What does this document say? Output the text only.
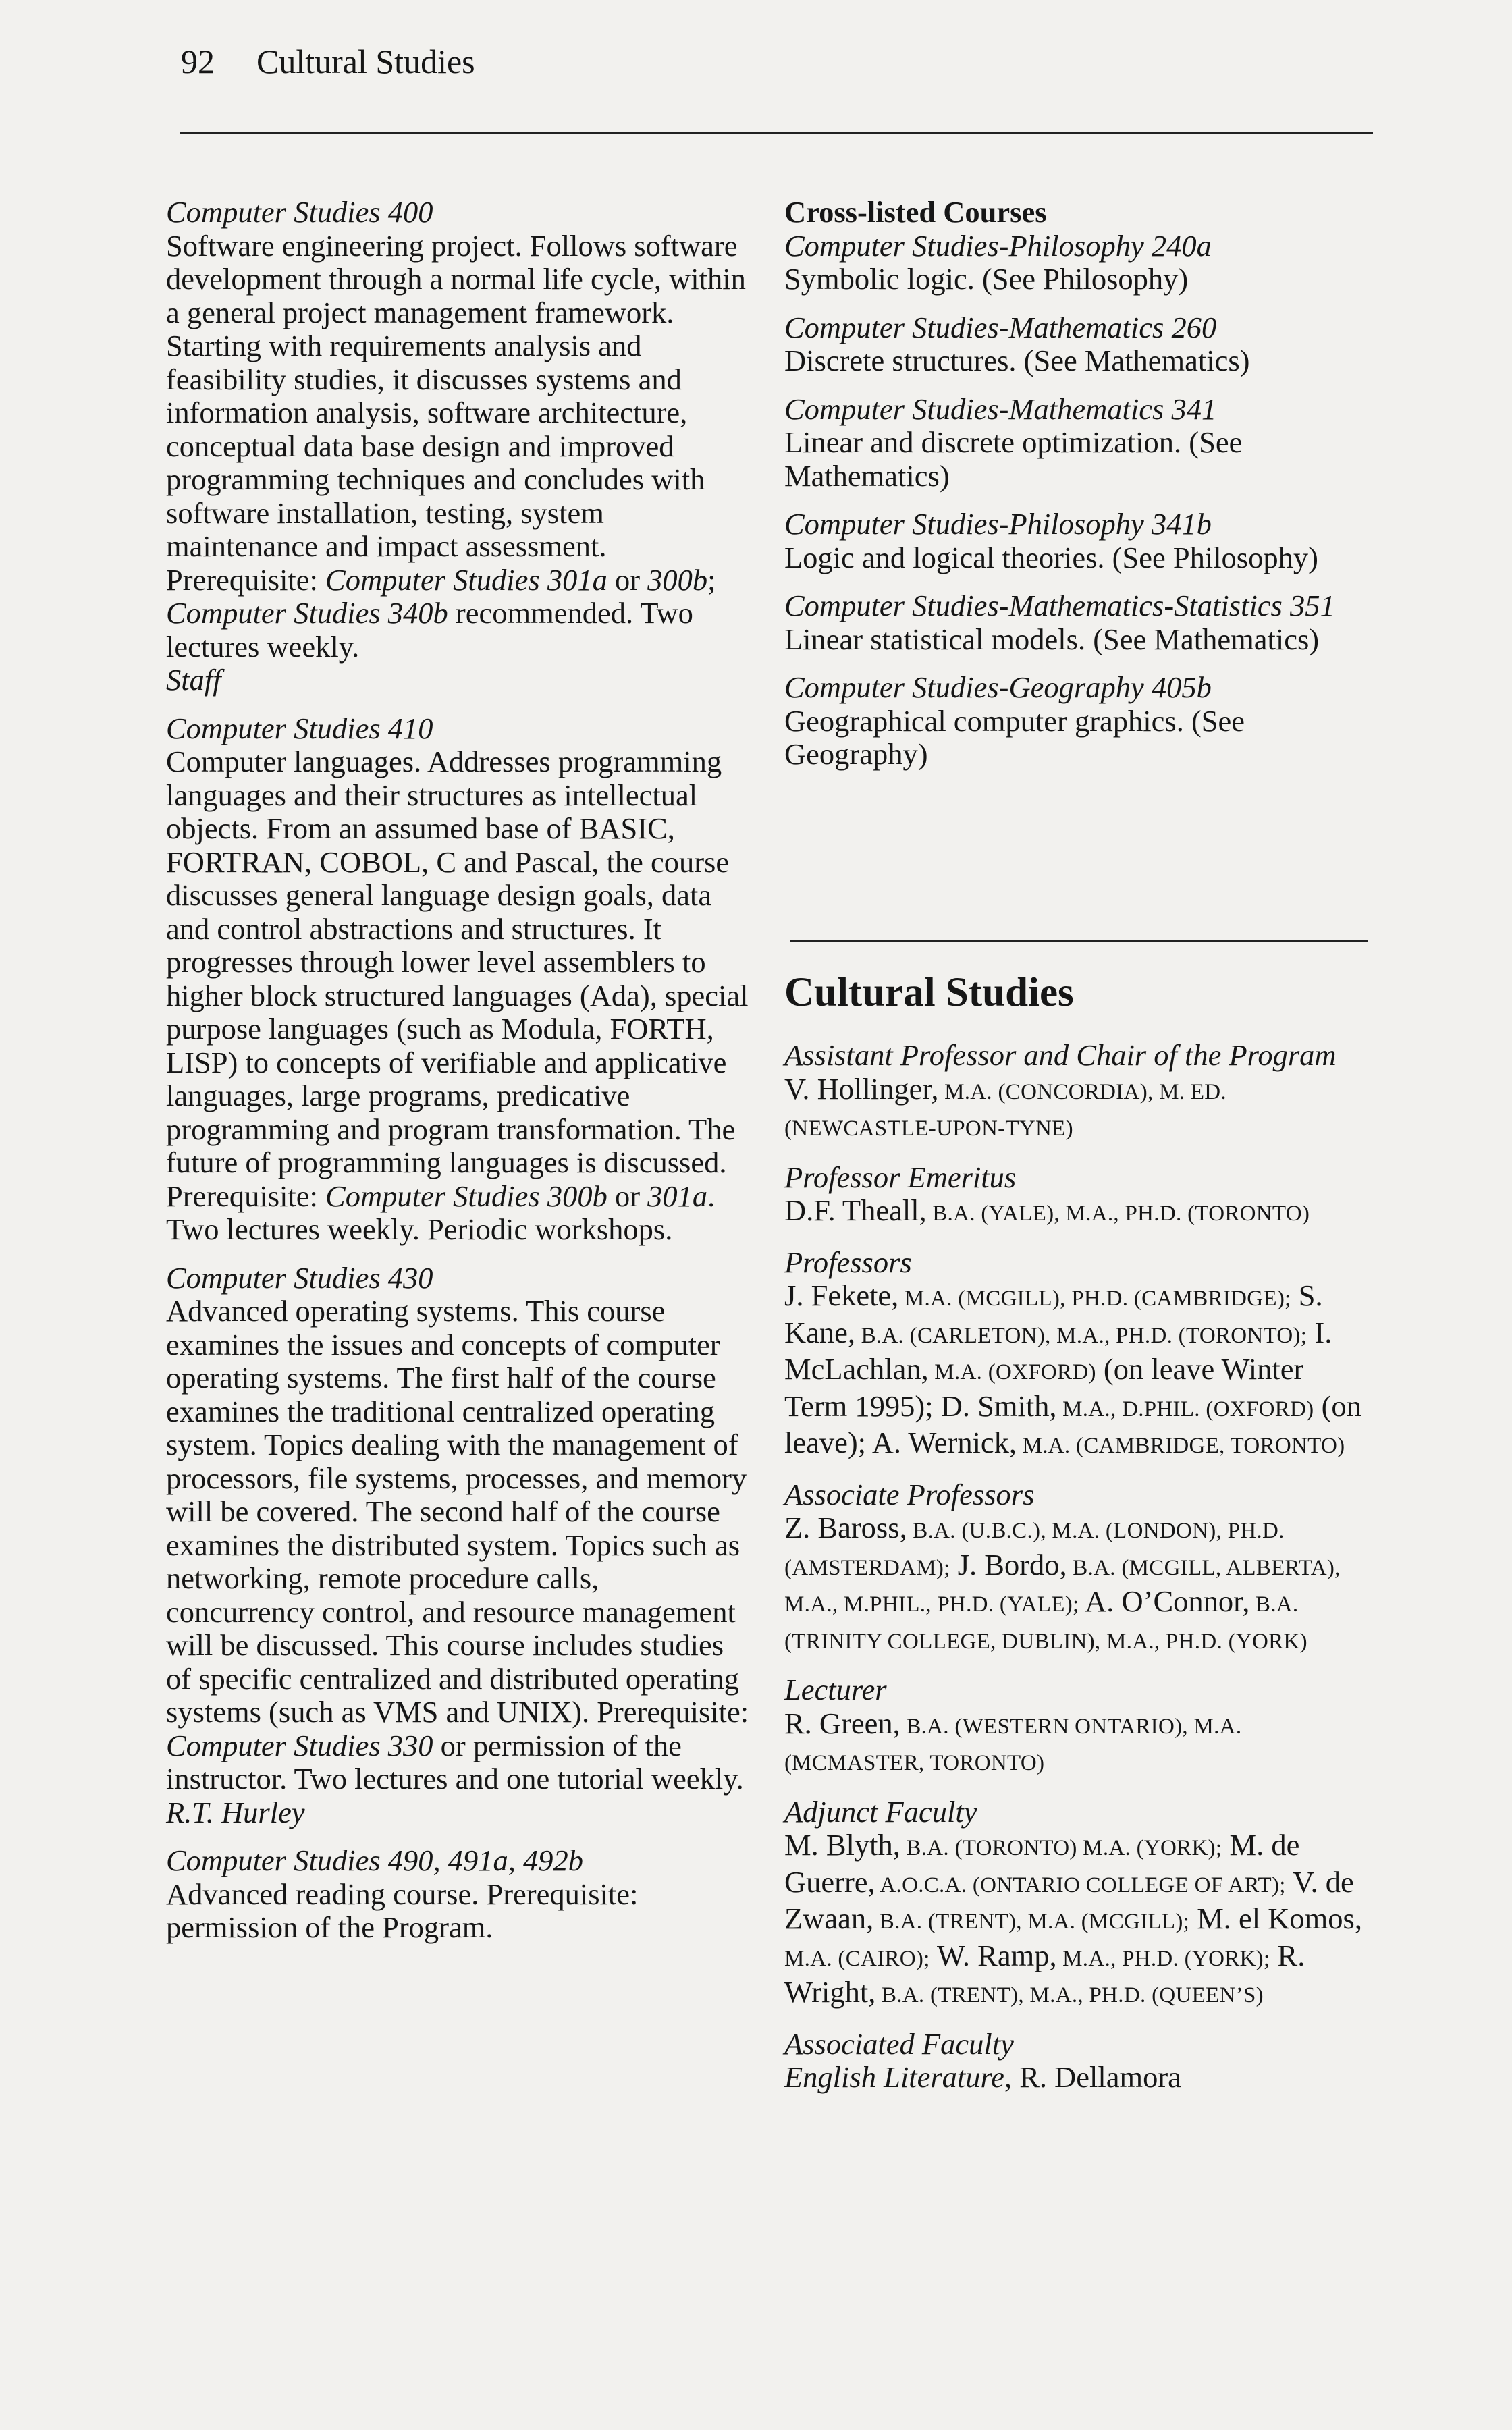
92 Cultural Studies

Computer Studies 400

Software engineering project. Follows software development through a normal life cycle, within a general project management framework. Starting with requirements analysis and feasibility studies, it discusses systems and information analysis, software architecture, conceptual data base design and improved programming techniques and concludes with software installation, testing, system maintenance and impact assessment. Prerequisite: Computer Studies 301a or 300b; Computer Studies 340b recommended. Two lectures weekly.

Staff

Computer Studies 410

Computer languages. Addresses programming languages and their structures as intellectual objects. From an assumed base of BASIC, FORTRAN, COBOL, C and Pascal, the course discusses general language design goals, data and control abstractions and structures. It progresses through lower level assemblers to higher block structured languages (Ada), special purpose languages (such as Modula, FORTH, LISP) to concepts of verifiable and applicative languages, large programs, predicative programming and program transformation. The future of programming languages is discussed. Prerequisite: Computer Studies 300b or 301a. Two lectures weekly. Periodic workshops.

Computer Studies 430

Advanced operating systems. This course examines the issues and concepts of computer operating systems. The first half of the course examines the traditional centralized operating system. Topics dealing with the management of processors, file systems, processes, and memory will be covered. The second half of the course examines the distributed system. Topics such as networking, remote procedure calls, concurrency control, and resource management will be discussed. This course includes studies of specific centralized and distributed operating systems (such as VMS and UNIX). Prerequisite: Computer Studies 330 or permission of the instructor. Two lectures and one tutorial weekly.

R.T. Hurley

Computer Studies 490, 491a, 492b

Advanced reading course. Prerequisite: permission of the Program.

Cross-listed Courses

Computer Studies-Philosophy 240a

Symbolic logic. (See Philosophy)

Computer Studies-Mathematics 260

Discrete structures. (See Mathematics)

Computer Studies-Mathematics 341

Linear and discrete optimization. (See Mathematics)

Computer Studies-Philosophy 341b

Logic and logical theories. (See Philosophy)

Computer Studies-Mathematics-Statistics 351

Linear statistical models. (See Mathematics)

Computer Studies-Geography 405b

Geographical computer graphics. (See Geography)

Cultural Studies

Assistant Professor and Chair of the Program

V. Hollinger, M.A. (CONCORDIA), M. ED. (NEWCASTLE-UPON-TYNE)

Professor Emeritus

D.F. Theall, B.A. (YALE), M.A., PH.D. (TORONTO)

Professors

J. Fekete, M.A. (MCGILL), PH.D. (CAMBRIDGE); S. Kane, B.A. (CARLETON), M.A., PH.D. (TORONTO); I. McLachlan, M.A. (OXFORD) (on leave Winter Term 1995); D. Smith, M.A., D.PHIL. (OXFORD) (on leave); A. Wernick, M.A. (CAMBRIDGE, TORONTO)

Associate Professors

Z. Baross, B.A. (U.B.C.), M.A. (LONDON), PH.D. (AMSTERDAM); J. Bordo, B.A. (MCGILL, ALBERTA), M.A., M.PHIL., PH.D. (YALE); A. O’Connor, B.A. (TRINITY COLLEGE, DUBLIN), M.A., PH.D. (YORK)

Lecturer

R. Green, B.A. (WESTERN ONTARIO), M.A. (MCMASTER, TORONTO)

Adjunct Faculty

M. Blyth, B.A. (TORONTO) M.A. (YORK); M. de Guerre, A.O.C.A. (ONTARIO COLLEGE OF ART); V. de Zwaan, B.A. (TRENT), M.A. (MCGILL); M. el Komos, M.A. (CAIRO); W. Ramp, M.A., PH.D. (YORK); R. Wright, B.A. (TRENT), M.A., PH.D. (QUEEN’S)

Associated Faculty

English Literature, R. Dellamora
